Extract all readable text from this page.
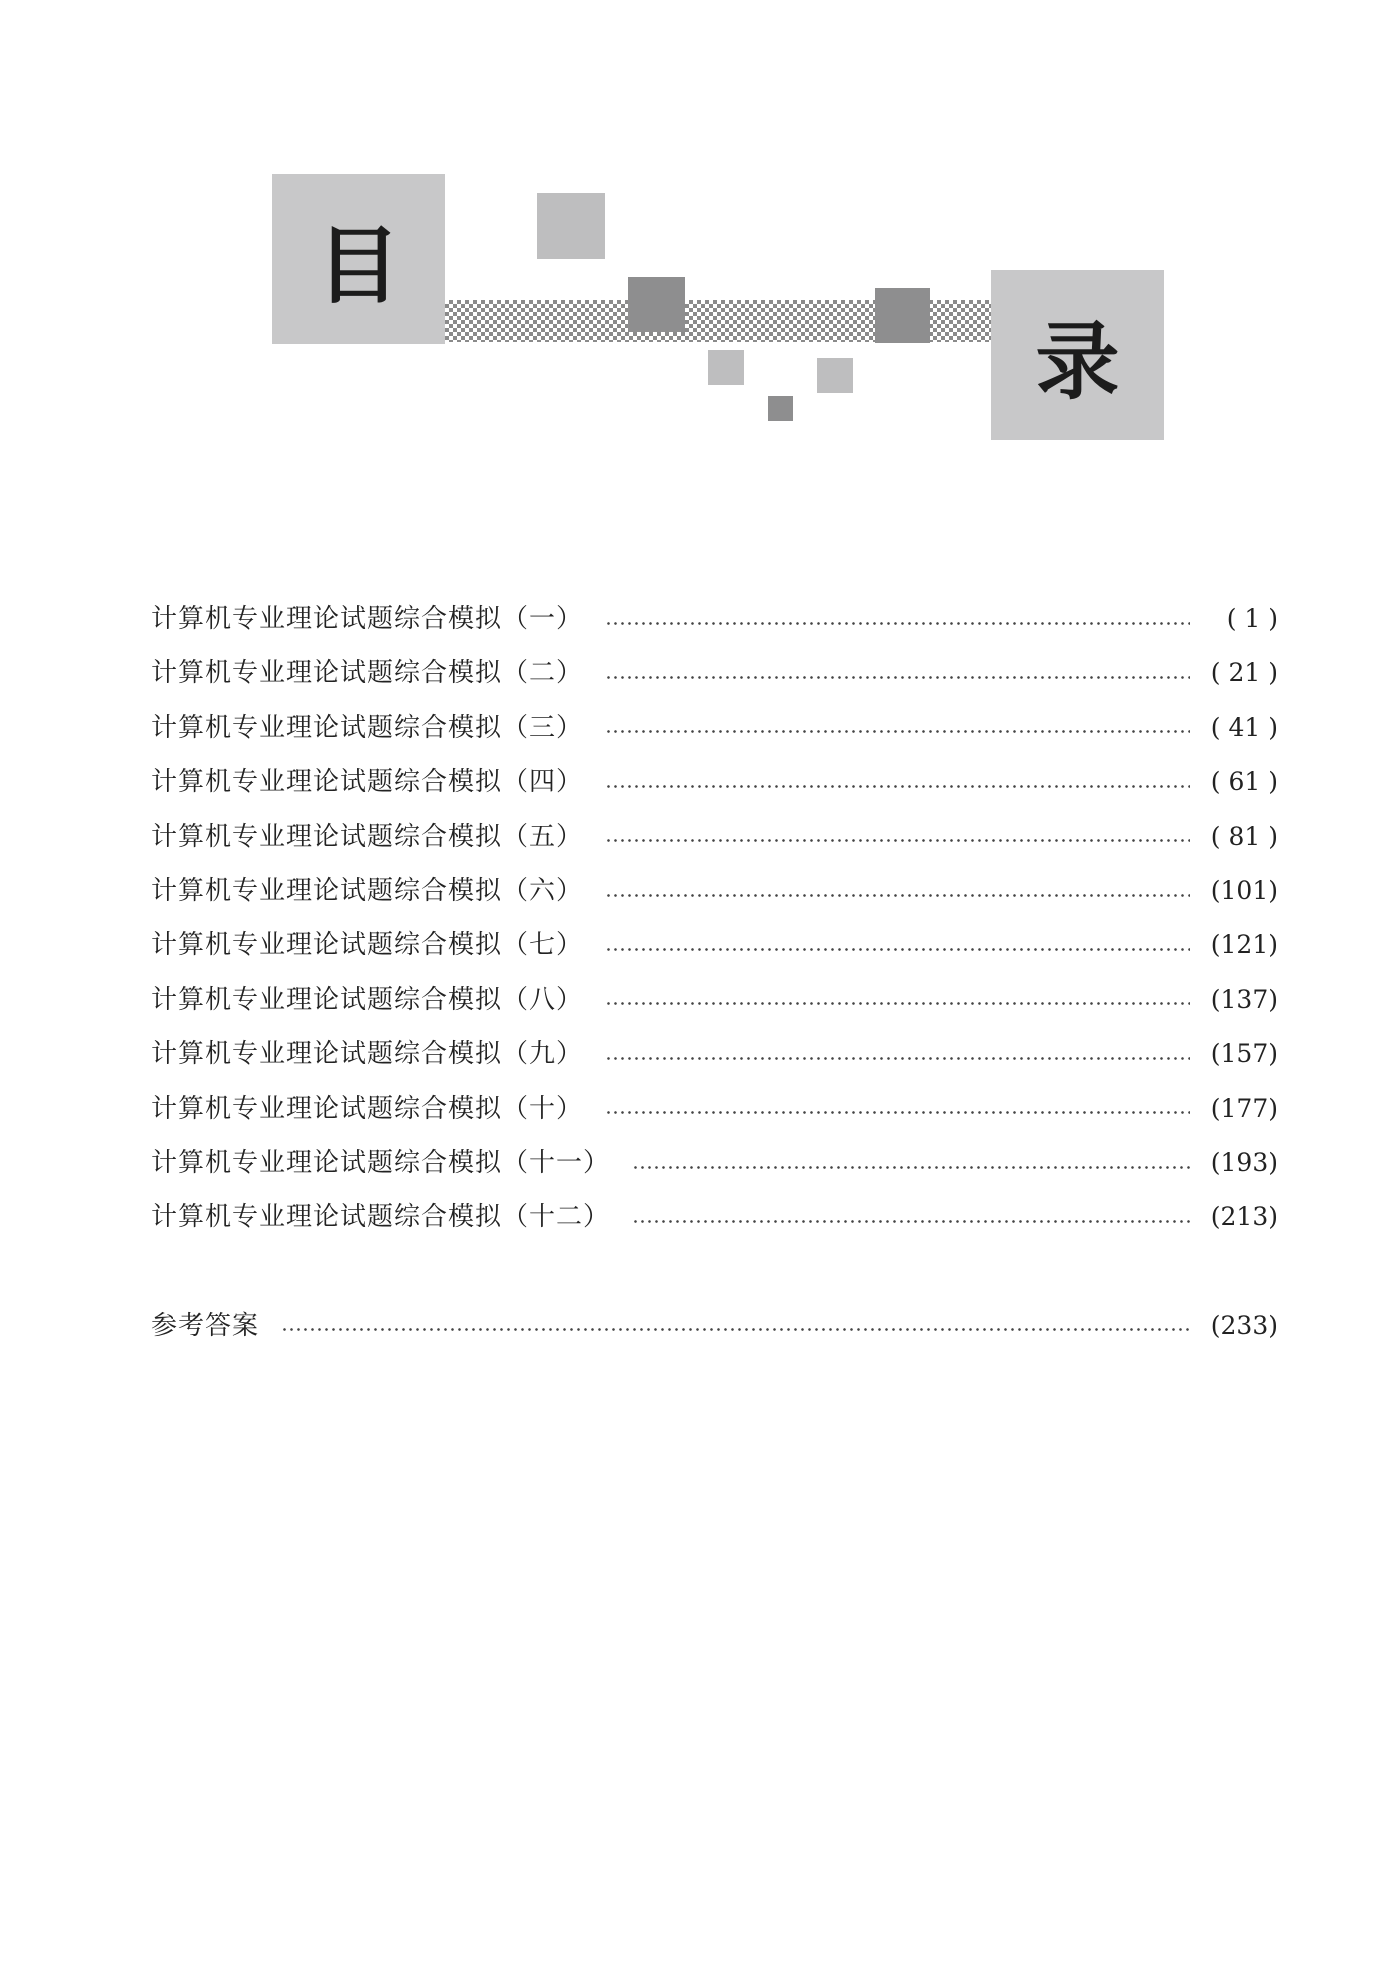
目
录
计算机专业理论试题综合模拟（一）	( 1 )
计算机专业理论试题综合模拟（二）	( 21 )
计算机专业理论试题综合模拟（三）	( 41 )
计算机专业理论试题综合模拟（四）	( 61 )
计算机专业理论试题综合模拟（五）	( 81 )
计算机专业理论试题综合模拟（六）	(101)
计算机专业理论试题综合模拟（七）	(121)
计算机专业理论试题综合模拟（八）	(137)
计算机专业理论试题综合模拟（九）	(157)
计算机专业理论试题综合模拟（十）	(177)
计算机专业理论试题综合模拟（十一）	(193)
计算机专业理论试题综合模拟（十二）	(213)
参考答案	(233)
